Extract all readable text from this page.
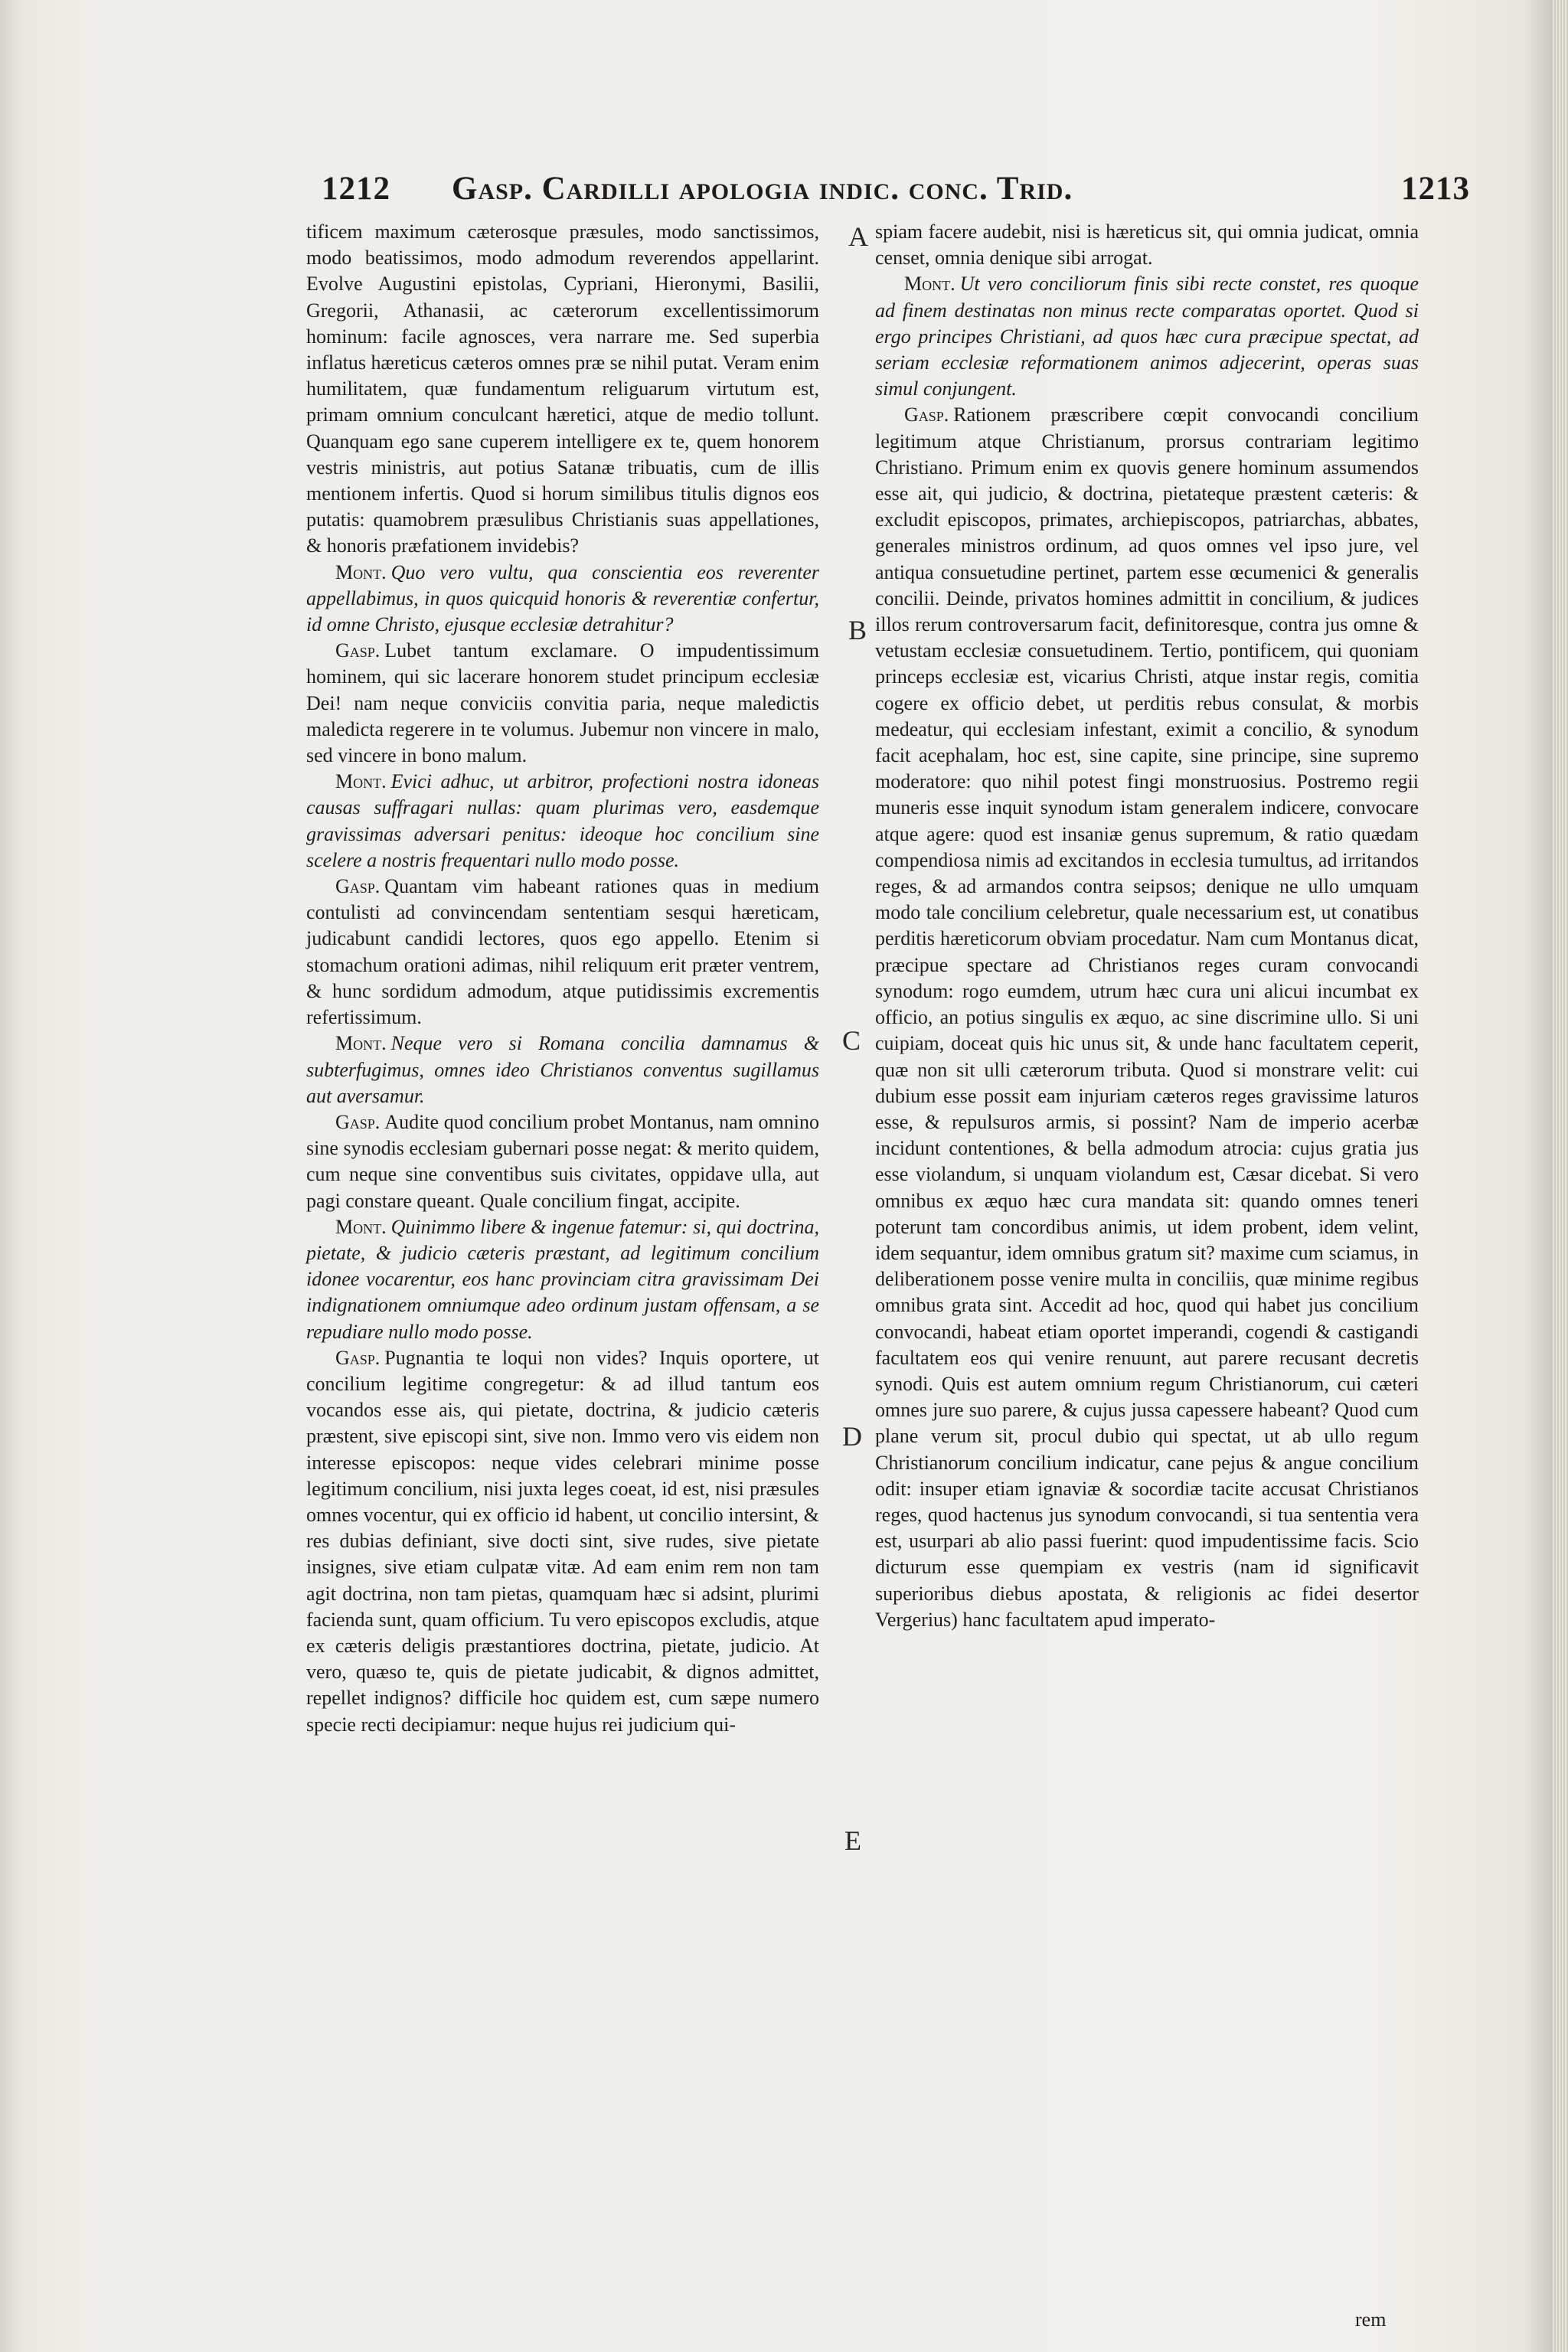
1212 Gasp. Cardilli apologia indic. conc. Trid.	1213

tificem maximum cæterosque præsules, modo sanctissimos, modo beatissimos, modo admodum reverendos appellarint. Evolve Augustini epistolas, Cypriani, Hieronymi, Basilii, Gregorii, Athanasii, ac cæterorum excellentissimorum hominum: facile agnosces, vera narrare me. Sed superbia inflatus hæreticus cæteros omnes præ se nihil putat. Veram enim humilitatem, quæ fundamentum religuarum virtutum est, primam omnium conculcant hæretici, atque de medio tollunt. Quanquam ego sane cuperem intelligere ex te, quem honorem vestris ministris, aut potius Satanæ tribuatis, cum de illis mentionem infertis. Quod si horum similibus titulis dignos eos putatis: quamobrem præsulibus Christianis suas appellationes, & honoris præfationem invidebis?

Mont. Quo vero vultu, qua conscientia eos reverenter appellabimus, in quos quicquid honoris & reverentiæ confertur, id omne Christo, ejusque ecclesiæ detrahitur?

Gasp. Lubet tantum exclamare. O impudentissimum hominem, qui sic lacerare honorem studet principum ecclesiæ Dei! nam neque conviciis convitia paria, neque maledictis maledicta regerere in te volumus. Jubemur non vincere in malo, sed vincere in bono malum.

Mont. Evici adhuc, ut arbitror, profectioni nostra idoneas causas suffragari nullas: quam plurimas vero, easdemque gravissimas adversari penitus: ideoque hoc concilium sine scelere a nostris frequentari nullo modo posse.

Gasp. Quantam vim habeant rationes quas in medium contulisti ad convincendam sententiam sesqui hæreticam, judicabunt candidi lectores, quos ego appello. Etenim si stomachum orationi adimas, nihil reliquum erit præter ventrem, & hunc sordidum admodum, atque putidissimis excrementis refertissimum.

Mont. Neque vero si Romana concilia damnamus & subterfugimus, omnes ideo Christianos conventus sugillamus aut aversamur.

Gasp. Audite quod concilium probet Montanus, nam omnino sine synodis ecclesiam gubernari posse negat: & merito quidem, cum neque sine conventibus suis civitates, oppidave ulla, aut pagi constare queant. Quale concilium fingat, accipite.

Mont. Quinimmo libere & ingenue fatemur: si, qui doctrina, pietate, & judicio cæteris præstant, ad legitimum concilium idonee vocarentur, eos hanc provinciam citra gravissimam Dei indignationem omniumque adeo ordinum justam offensam, a se repudiare nullo modo posse.

Gasp. Pugnantia te loqui non vides? Inquis oportere, ut concilium legitime congregetur: & ad illud tantum eos vocandos esse ais, qui pietate, doctrina, & judicio cæteris præstent, sive episcopi sint, sive non. Immo vero vis eidem non interesse episcopos: neque vides celebrari minime posse legitimum concilium, nisi juxta leges coeat, id est, nisi præsules omnes vocentur, qui ex officio id habent, ut concilio intersint, & res dubias definiant, sive docti sint, sive rudes, sive pietate insignes, sive etiam culpatæ vitæ. Ad eam enim rem non tam agit doctrina, non tam pietas, quamquam hæc si adsint, plurimi facienda sunt, quam officium. Tu vero episcopos excludis, atque ex cæteris deligis præstantiores doctrina, pietate, judicio. At vero, quæso te, quis de pietate judicabit, & dignos admittet, repellet indignos? difficile hoc quidem est, cum sæpe numero specie recti decipiamur: neque hujus rei judicium qui-

spiam facere audebit, nisi is hæreticus sit, qui omnia judicat, omnia censet, omnia denique sibi arrogat.

Mont. Ut vero conciliorum finis sibi recte constet, res quoque ad finem destinatas non minus recte comparatas oportet. Quod si ergo principes Christiani, ad quos hæc cura præcipue spectat, ad seriam ecclesiæ reformationem animos adjecerint, operas suas simul conjungent.

Gasp. Rationem præscribere cœpit convocandi concilium legitimum atque Christianum, prorsus contrariam legitimo Christiano. Primum enim ex quovis genere hominum assumendos esse ait, qui judicio, & doctrina, pietateque præstent cæteris: & excludit episcopos, primates, archiepiscopos, patriarchas, abbates, generales ministros ordinum, ad quos omnes vel ipso jure, vel antiqua consuetudine pertinet, partem esse œcumenici & generalis concilii. Deinde, privatos homines admittit in concilium, & judices illos rerum controversarum facit, definitoresque, contra jus omne & vetustam ecclesiæ consuetudinem. Tertio, pontificem, qui quoniam princeps ecclesiæ est, vicarius Christi, atque instar regis, comitia cogere ex officio debet, ut perditis rebus consulat, & morbis medeatur, qui ecclesiam infestant, eximit a concilio, & synodum facit acephalam, hoc est, sine capite, sine principe, sine supremo moderatore: quo nihil potest fingi monstruosius. Postremo regii muneris esse inquit synodum istam generalem indicere, convocare atque agere: quod est insaniæ genus supremum, & ratio quædam compendiosa nimis ad excitandos in ecclesia tumultus, ad irritandos reges, & ad armandos contra seipsos; denique ne ullo umquam modo tale concilium celebretur, quale necessarium est, ut conatibus perditis hæreticorum obviam procedatur. Nam cum Montanus dicat, præcipue spectare ad Christianos reges curam convocandi synodum: rogo eumdem, utrum hæc cura uni alicui incumbat ex officio, an potius singulis ex æquo, ac sine discrimine ullo. Si uni cuipiam, doceat quis hic unus sit, & unde hanc facultatem ceperit, quæ non sit ulli cæterorum tributa. Quod si monstrare velit: cui dubium esse possit eam injuriam cæteros reges gravissime laturos esse, & repulsuros armis, si possint? Nam de imperio acerbæ incidunt contentiones, & bella admodum atrocia: cujus gratia jus esse violandum, si unquam violandum est, Cæsar dicebat. Si vero omnibus ex æquo hæc cura mandata sit: quando omnes teneri poterunt tam concordibus animis, ut idem probent, idem velint, idem sequantur, idem omnibus gratum sit? maxime cum sciamus, in deliberationem posse venire multa in conciliis, quæ minime regibus omnibus grata sint. Accedit ad hoc, quod qui habet jus concilium convocandi, habeat etiam oportet imperandi, cogendi & castigandi facultatem eos qui venire renuunt, aut parere recusant decretis synodi. Quis est autem omnium regum Christianorum, cui cæteri omnes jure suo parere, & cujus jussa capessere habeant? Quod cum plane verum sit, procul dubio qui spectat, ut ab ullo regum Christianorum concilium indicatur, cane pejus & angue concilium odit: insuper etiam ignaviæ & socordiæ tacite accusat Christianos reges, quod hactenus jus synodum convocandi, si tua sententia vera est, usurpari ab alio passi fuerint: quod impudentissime facis. Scio dicturum esse quempiam ex vestris (nam id significavit superioribus diebus apostata, & religionis ac fidei desertor Vergerius) hanc facultatem apud imperato-

A
B
C
D
E
rem
